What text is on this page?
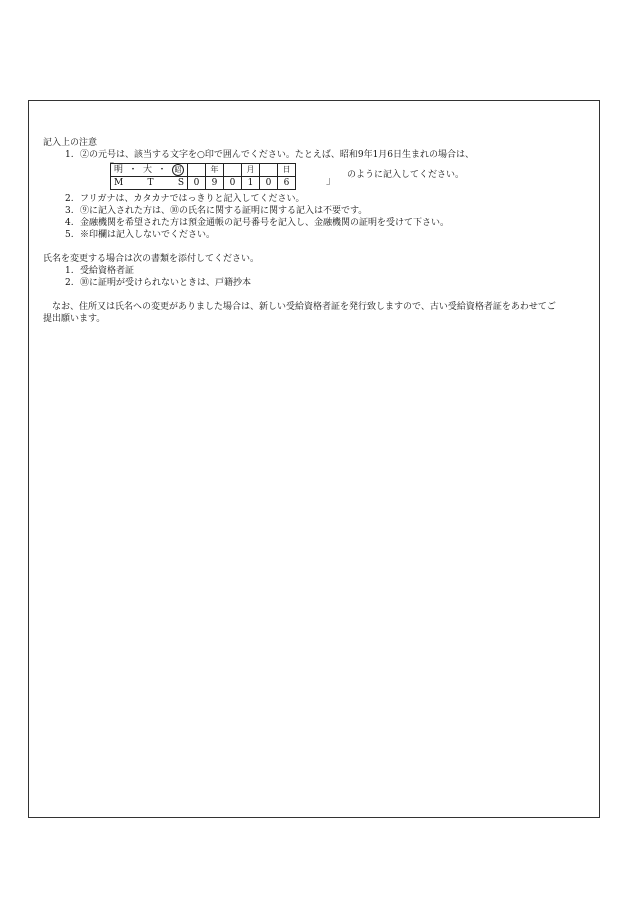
記入上の注意
1. ②の元号は、該当する文字を○印で囲んでください。たとえば、昭和9年1月6日生まれの場合は、
「 明 ・ 大 ・ 昭		年		月		日

M T S	0	9	0	1	0	6	」
のように記入してください。
2. フリガナは、カタカナではっきりと記入してください。
3. ⑨に記入された方は、⑩の氏名に関する証明に関する記入は不要です。
4. 金融機関を希望された方は預金通帳の記号番号を記入し、金融機関の証明を受けて下さい。
5. ※印欄は記入しないでください。
氏名を変更する場合は次の書類を添付してください。
1. 受給資格者証
2. ⑩に証明が受けられないときは、戸籍抄本
なお、住所又は氏名への変更がありました場合は、新しい受給資格者証を発行致しますので、古い受給資格者証をあわせてご提出願います。
